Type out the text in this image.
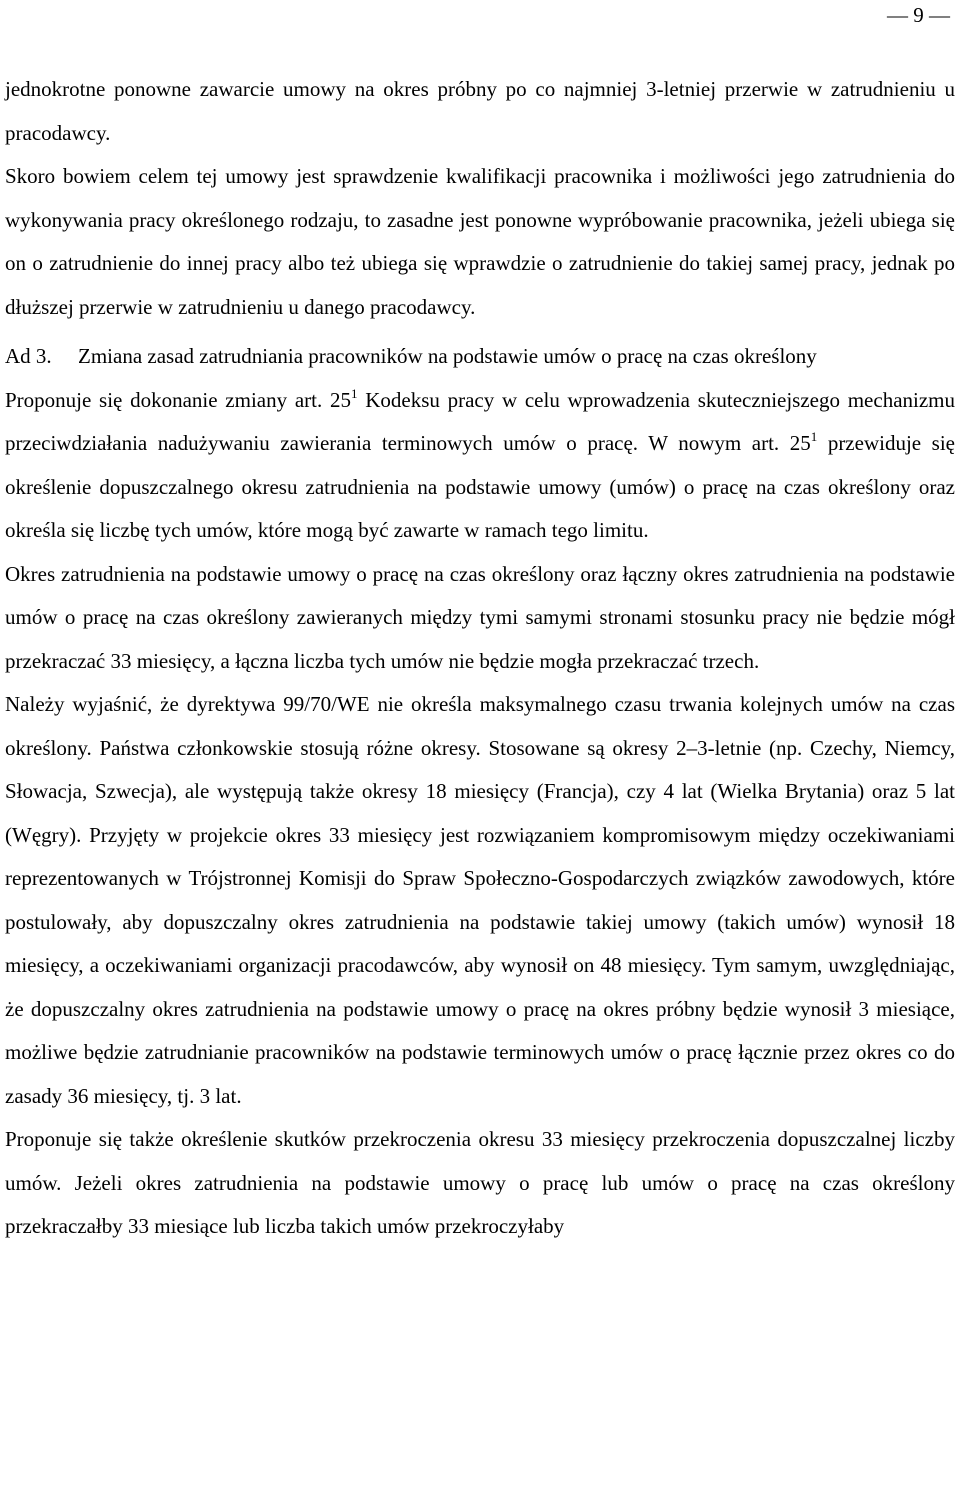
— 9 —

jednokrotne ponowne zawarcie umowy na okres próbny po co najmniej 3-letniej przerwie w zatrudnieniu u pracodawcy.

Skoro bowiem celem tej umowy jest sprawdzenie kwalifikacji pracownika i możliwości jego zatrudnienia do wykonywania pracy określonego rodzaju, to zasadne jest ponowne wypróbowanie pracownika, jeżeli ubiega się on o zatrudnienie do innej pracy albo też ubiega się wprawdzie o zatrudnienie do takiej samej pracy, jednak po dłuższej przerwie w zatrudnieniu u danego pracodawcy.

Ad 3. Zmiana zasad zatrudniania pracowników na podstawie umów o pracę na czas określony

Proponuje się dokonanie zmiany art. $25^1$ Kodeksu pracy w celu wprowadzenia skuteczniejszego mechanizmu przeciwdziałania nadużywaniu zawierania terminowych umów o pracę. W nowym art. $25^1$ przewiduje się określenie dopuszczalnego okresu zatrudnienia na podstawie umowy (umów) o pracę na czas określony oraz określa się liczbę tych umów, które mogą być zawarte w ramach tego limitu.

Okres zatrudnienia na podstawie umowy o pracę na czas określony oraz łączny okres zatrudnienia na podstawie umów o pracę na czas określony zawieranych między tymi samymi stronami stosunku pracy nie będzie mógł przekraczać 33 miesięcy, a łączna liczba tych umów nie będzie mogła przekraczać trzech.

Należy wyjaśnić, że dyrektywa 99/70/WE nie określa maksymalnego czasu trwania kolejnych umów na czas określony. Państwa członkowskie stosują różne okresy. Stosowane są okresy 2–3-letnie (np. Czechy, Niemcy, Słowacja, Szwecja), ale występują także okresy 18 miesięcy (Francja), czy 4 lat (Wielka Brytania) oraz 5 lat (Węgry). Przyjęty w projekcie okres 33 miesięcy jest rozwiązaniem kompromisowym między oczekiwaniami reprezentowanych w Trójstronnej Komisji do Spraw Społeczno-Gospodarczych związków zawodowych, które postulowały, aby dopuszczalny okres zatrudnienia na podstawie takiej umowy (takich umów) wynosił 18 miesięcy, a oczekiwaniami organizacji pracodawców, aby wynosił on 48 miesięcy. Tym samym, uwzględniając, że dopuszczalny okres zatrudnienia na podstawie umowy o pracę na okres próbny będzie wynosił 3 miesiące, możliwe będzie zatrudnianie pracowników na podstawie terminowych umów o pracę łącznie przez okres co do zasady 36 miesięcy, tj. 3 lat.

Proponuje się także określenie skutków przekroczenia okresu 33 miesięcy przekroczenia dopuszczalnej liczby umów. Jeżeli okres zatrudnienia na podstawie umowy o pracę lub umów o pracę na czas określony przekraczałby 33 miesiące lub liczba takich umów przekroczyłaby
